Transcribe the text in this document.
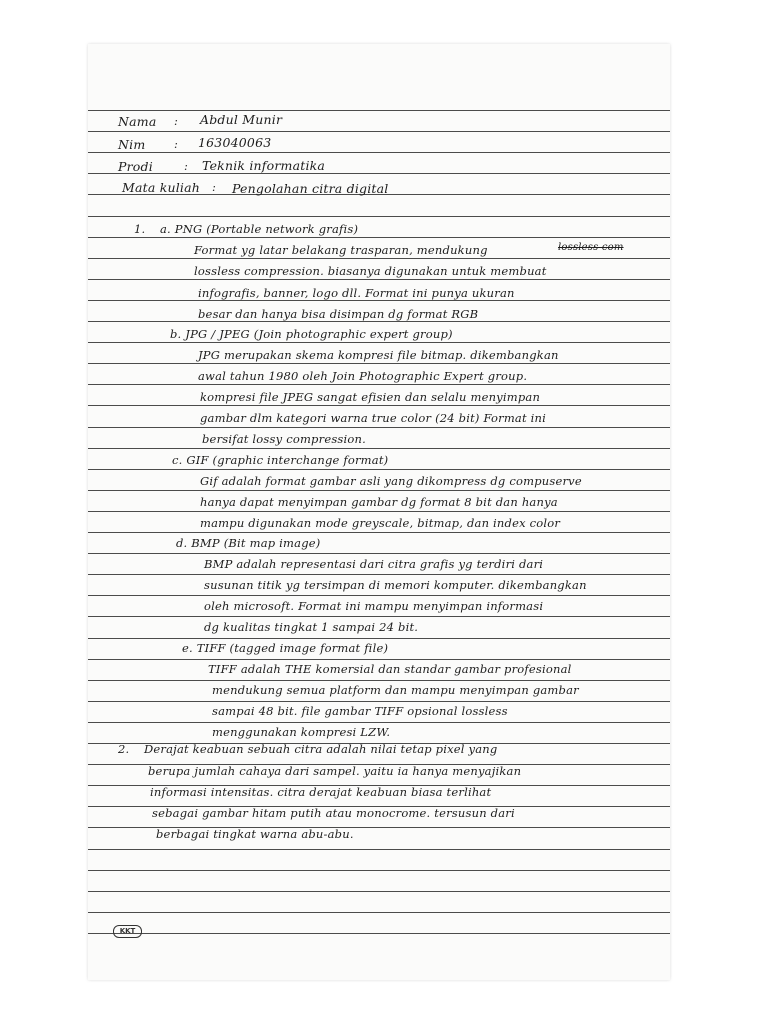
Nama : Abdul Munir
Nim : 163040063
Prodi	: Teknik informatika
Mata kuliah : Pengolahan citra digital
1. a. PNG (Portable network grafis)
Format yg latar belakang trasparan, mendukung	lossless com
lossless compression. biasanya digunakan untuk membuat
infografis, banner, logo dll. Format ini punya ukuran
besar dan hanya bisa disimpan dg format RGB
b. JPG / JPEG (Join photographic expert group)
JPG merupakan skema kompresi file bitmap. dikembangkan
awal tahun 1980 oleh Join Photographic Expert group.
kompresi file JPEG sangat efisien dan selalu menyimpan
gambar dlm kategori warna true color (24 bit) Format ini
bersifat lossy compression.
c. GIF (graphic interchange format)
Gif adalah format gambar asli yang dikompress dg compuserve
hanya dapat menyimpan gambar dg format 8 bit dan hanya
mampu digunakan mode greyscale, bitmap, dan index color
d. BMP (Bit map image)
BMP adalah representasi dari citra grafis yg terdiri dari
susunan titik yg tersimpan di memori komputer. dikembangkan
oleh microsoft. Format ini mampu menyimpan informasi
dg kualitas tingkat 1 sampai 24 bit.
e. TIFF (tagged image format file)
TIFF adalah THE komersial dan standar gambar profesional
mendukung semua platform dan mampu menyimpan gambar
sampai 48 bit. file gambar TIFF opsional lossless
menggunakan kompresi LZW.
2. Derajat keabuan sebuah citra adalah nilai tetap pixel yang
berupa jumlah cahaya dari sampel. yaitu ia hanya menyajikan
informasi intensitas. citra derajat keabuan biasa terlihat
sebagai gambar hitam putih atau monocrome. tersusun dari
berbagai tingkat warna abu-abu.
KKT
